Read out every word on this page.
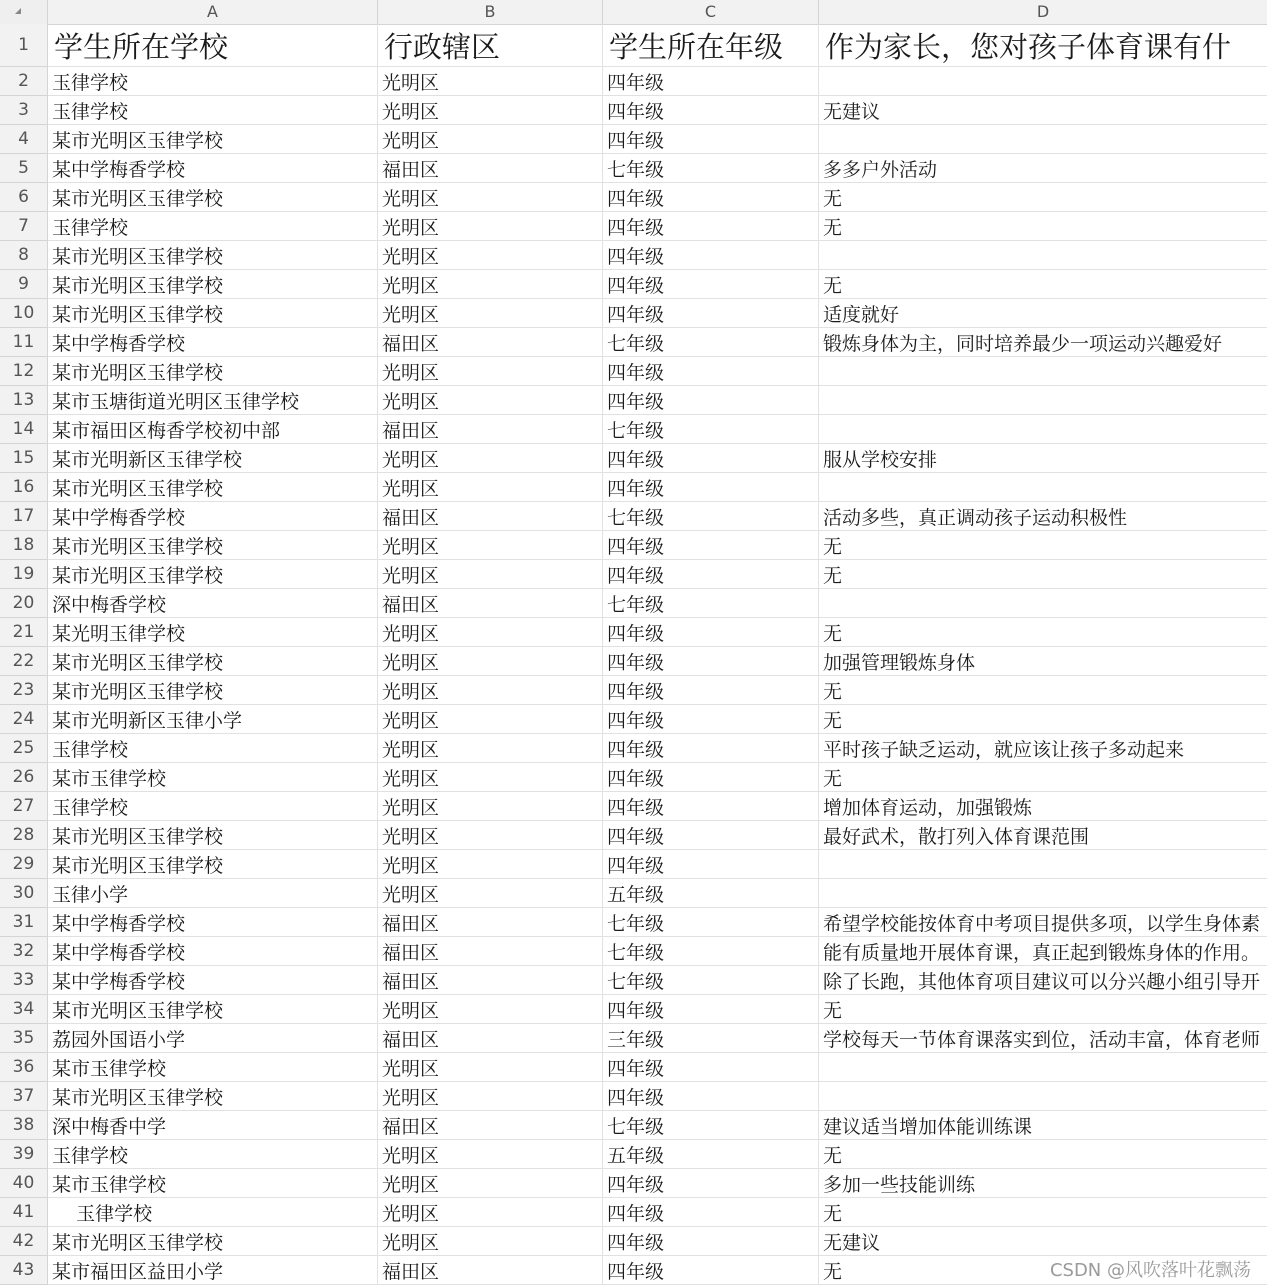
A	B	C	D
1 学生所在学校	行政辖区	学生所在年级	作为家长，您对孩子体育课有什
2	玉律学校	光明区	四年级
3	玉律学校	光明区	四年级	无建议
4	某市光明区玉律学校	光明区	四年级
5	某中学梅香学校	福田区	七年级	多多户外活动
6	某市光明区玉律学校	光明区	四年级	无
7	玉律学校	光明区	四年级	无
8	某市光明区玉律学校	光明区	四年级
9	某市光明区玉律学校	光明区	四年级	无
10 某市光明区玉律学校	光明区	四年级	适度就好
11 某中学梅香学校	福田区	七年级	锻炼身体为主，同时培养最少一项运动兴趣爱好
12 某市光明区玉律学校	光明区	四年级
13 某市玉塘街道光明区玉律学校	光明区	四年级
14 某市福田区梅香学校初中部	福田区	七年级
15 某市光明新区玉律学校	光明区	四年级	服从学校安排
16 某市光明区玉律学校	光明区	四年级
17 某中学梅香学校	福田区	七年级	活动多些，真正调动孩子运动积极性
18 某市光明区玉律学校	光明区	四年级	无
19 某市光明区玉律学校	光明区	四年级	无
20 深中梅香学校	福田区	七年级
21 某光明玉律学校	光明区	四年级	无
22 某市光明区玉律学校	光明区	四年级	加强管理锻炼身体
23 某市光明区玉律学校	光明区	四年级	无
24 某市光明新区玉律小学	光明区	四年级	无
25 玉律学校	光明区	四年级	平时孩子缺乏运动，就应该让孩子多动起来
26 某市玉律学校	光明区	四年级	无
27 玉律学校	光明区	四年级	增加体育运动，加强锻炼
28 某市光明区玉律学校	光明区	四年级	最好武术，散打列入体育课范围
29 某市光明区玉律学校	光明区	四年级
30 玉律小学	光明区	五年级
31 某中学梅香学校	福田区	七年级	希望学校能按体育中考项目提供多项，以学生身体素
32 某中学梅香学校	福田区	七年级	能有质量地开展体育课，真正起到锻炼身体的作用。
33 某中学梅香学校	福田区	七年级	除了长跑，其他体育项目建议可以分兴趣小组引导开
34 某市光明区玉律学校	光明区	四年级	无
35 荔园外国语小学	福田区	三年级	学校每天一节体育课落实到位，活动丰富，体育老师
36 某市玉律学校	光明区	四年级
37 某市光明区玉律学校	光明区	四年级
38 深中梅香中学	福田区	七年级	建议适当增加体能训练课
39 玉律学校	光明区	五年级	无
40 某市玉律学校	光明区	四年级	多加一些技能训练
41 玉律学校	光明区	四年级	无
42 某市光明区玉律学校	光明区	四年级	无建议
43 某市福田区益田小学	福田区	四年级	无	CSDN @风吹落叶花飘荡
